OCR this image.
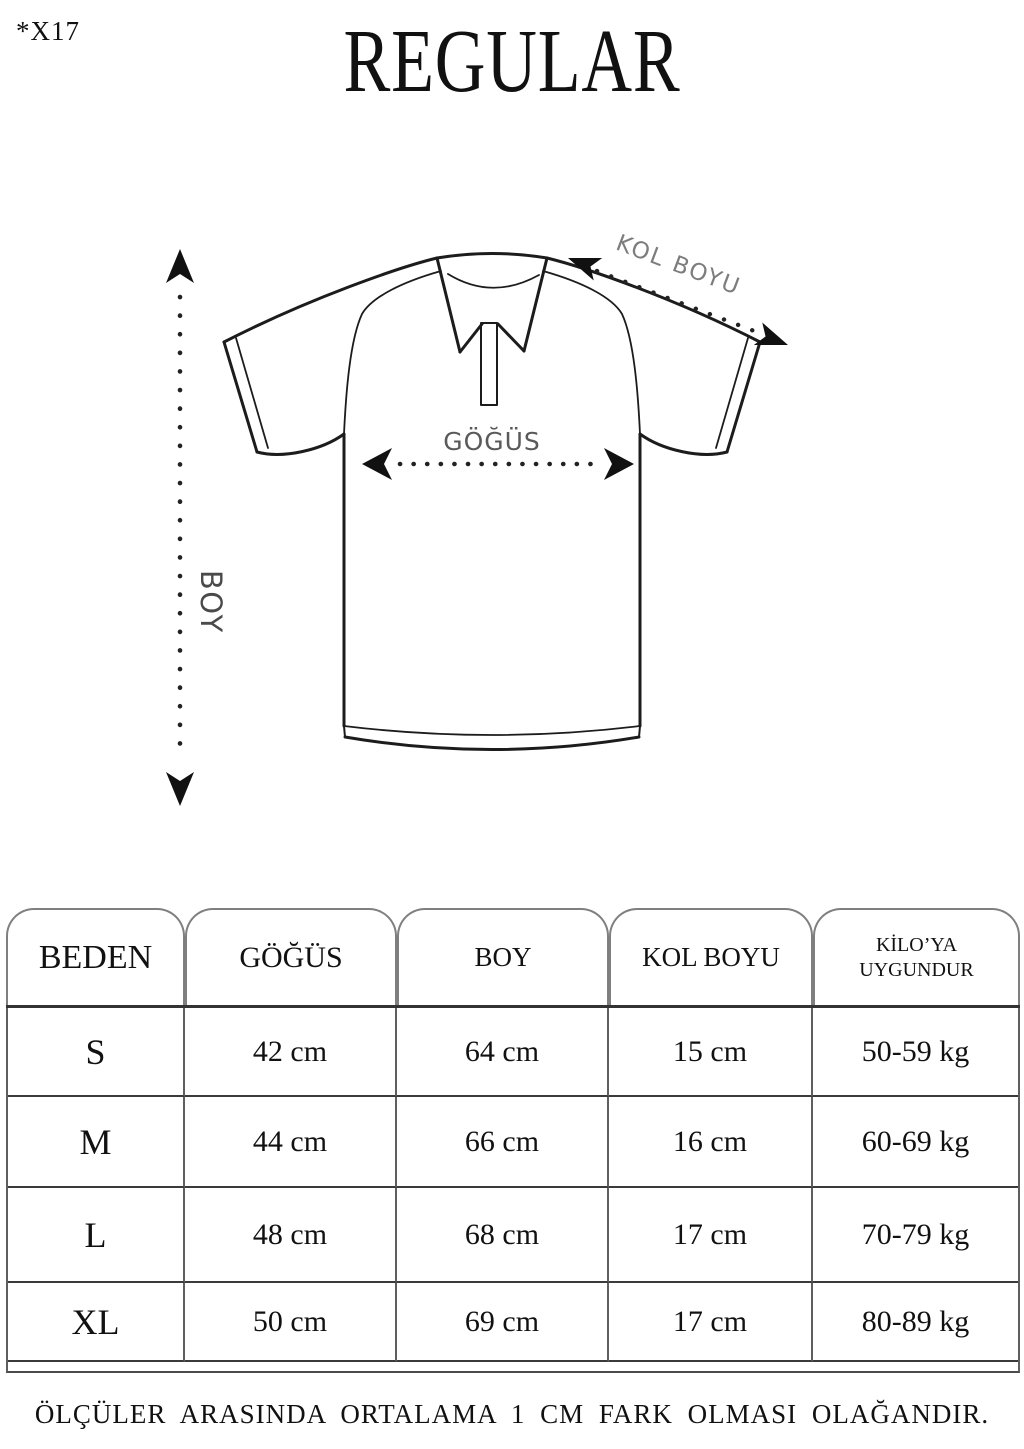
*X17	REGULAR
BOY
GÖĞÜS
KOL BOYU
BEDEN	GÖĞÜS	BOY	KOL BOYU	KİLO’YA UYGUNDUR
S	42 cm	64 cm	15 cm	50-59 kg
M	44 cm	66 cm	16 cm	60-69 kg
L	48 cm	68 cm	17 cm	70-79 kg
XL	50 cm	69 cm	17 cm	80-89 kg
ÖLÇÜLER ARASINDA ORTALAMA 1 CM FARK OLMASI OLAĞANDIR.
